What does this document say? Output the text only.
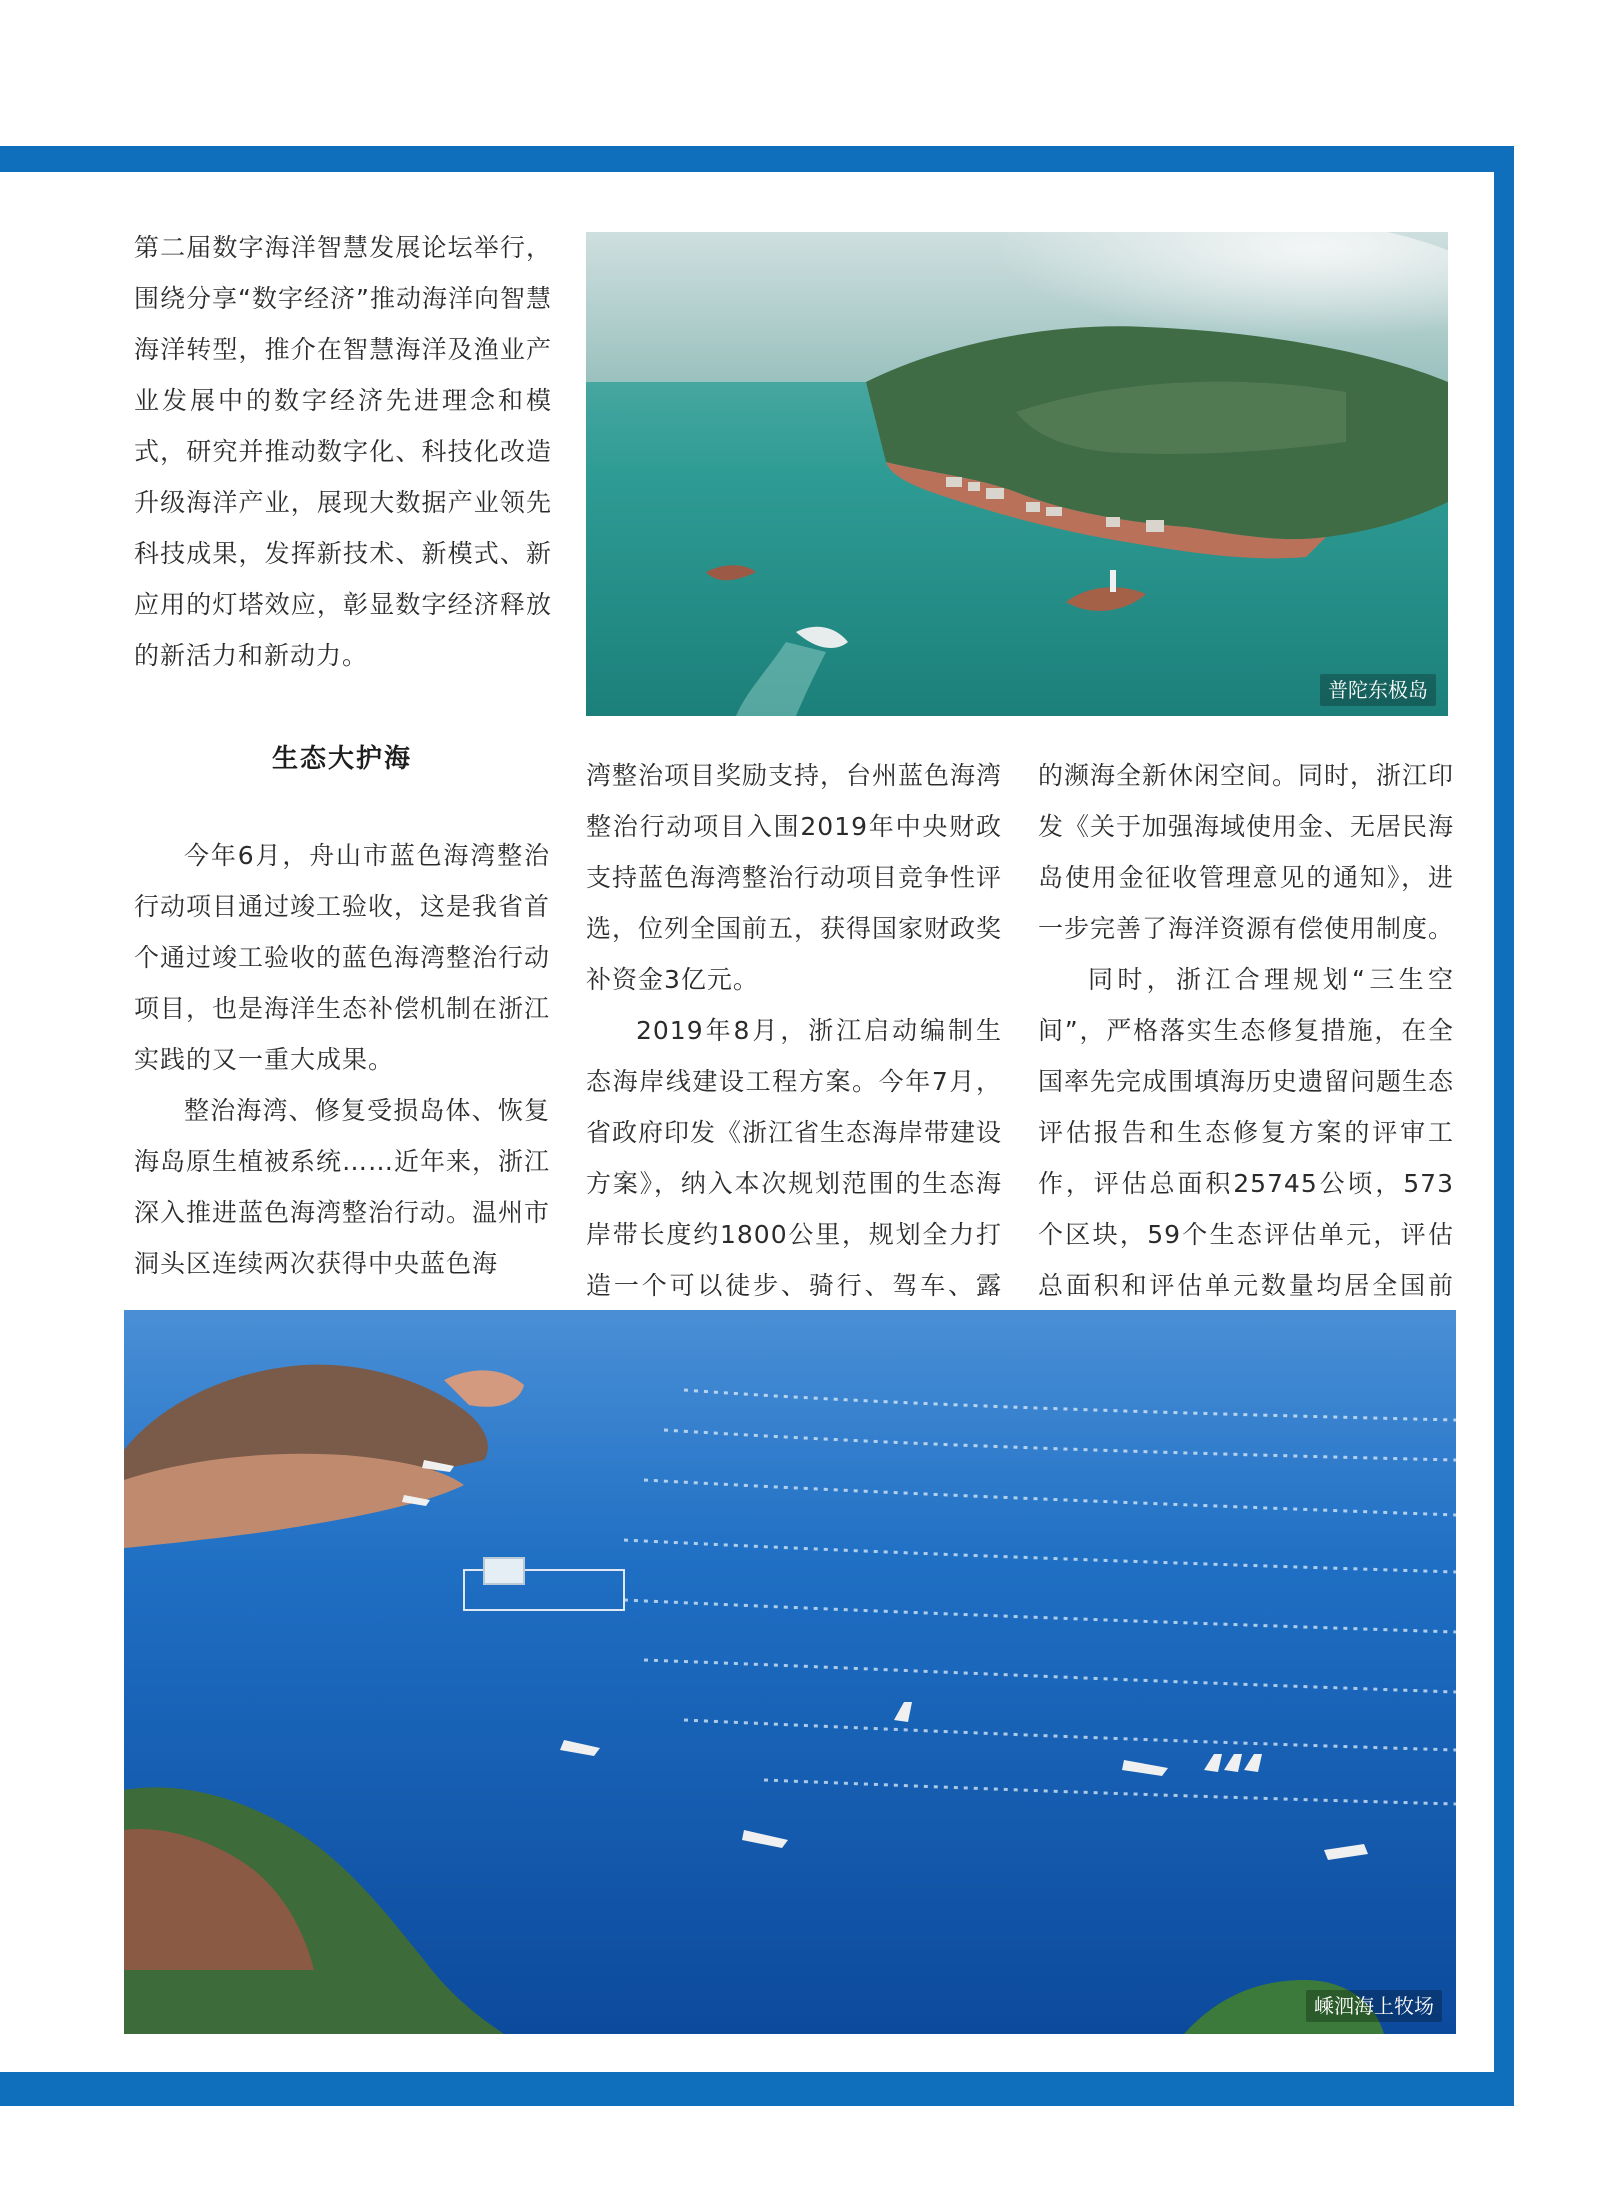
第二届数字海洋智慧发展论坛举行，围绕分享“数字经济”推动海洋向智慧海洋转型，推介在智慧海洋及渔业产业发展中的数字经济先进理念和模式，研究并推动数字化、科技化改造升级海洋产业，展现大数据产业领先科技成果，发挥新技术、新模式、新应用的灯塔效应，彰显数字经济释放的新活力和新动力。

普陀东极岛
生态大护海

今年6月，舟山市蓝色海湾整治行动项目通过竣工验收，这是我省首个通过竣工验收的蓝色海湾整治行动项目，也是海洋生态补偿机制在浙江实践的又一重大成果。

整治海湾、修复受损岛体、恢复海岛原生植被系统……近年来，浙江深入推进蓝色海湾整治行动。温州市洞头区连续两次获得中央蓝色海

湾整治项目奖励支持，台州蓝色海湾整治行动项目入围2019年中央财政支持蓝色海湾整治行动项目竞争性评选，位列全国前五，获得国家财政奖补资金3亿元。

2019年8月，浙江启动编制生态海岸线建设工程方案。今年7月，省政府印发《浙江省生态海岸带建设方案》，纳入本次规划范围的生态海岸带长度约1800公里，规划全力打造一个可以徒步、骑行、驾车、露

的濒海全新休闲空间。同时，浙江印发《关于加强海域使用金、无居民海岛使用金征收管理意见的通知》，进一步完善了海洋资源有偿使用制度。

同时，浙江合理规划“三生空间”，严格落实生态修复措施，在全国率先完成围填海历史遗留问题生态评估报告和生态修复方案的评审工作，评估总面积25745公顷，573个区块，59个生态评估单元，评估总面积和评估单元数量均居全国前

嵊泗海上牧场
